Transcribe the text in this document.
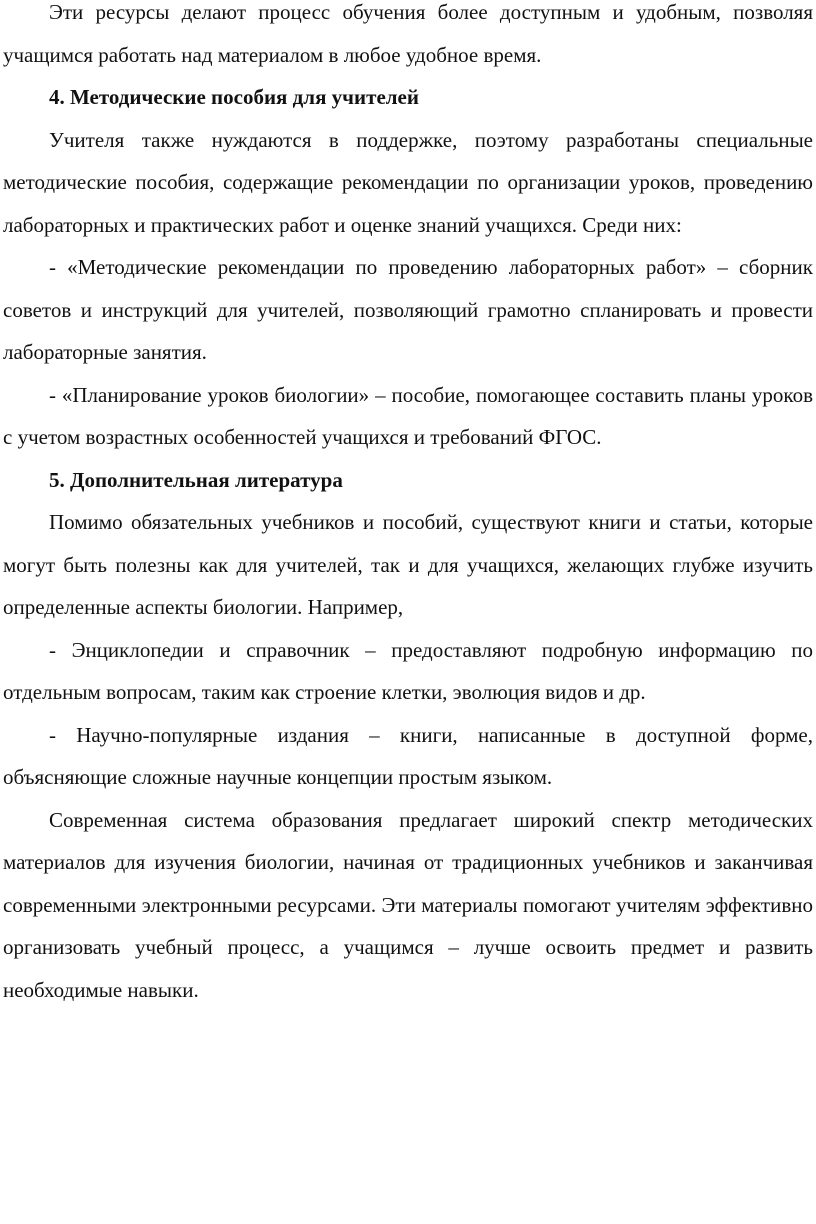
Эти ресурсы делают процесс обучения более доступным и удобным, позволяя учащимся работать над материалом в любое удобное время.

4. Методические пособия для учителей

Учителя также нуждаются в поддержке, поэтому разработаны специальные методические пособия, содержащие рекомендации по организации уроков, проведению лабораторных и практических работ и оценке знаний учащихся. Среди них:

- «Методические рекомендации по проведению лабораторных работ» – сборник советов и инструкций для учителей, позволяющий грамотно спланировать и провести лабораторные занятия.

- «Планирование уроков биологии» – пособие, помогающее составить планы уроков с учетом возрастных особенностей учащихся и требований ФГОС.

5. Дополнительная литература

Помимо обязательных учебников и пособий, существуют книги и статьи, которые могут быть полезны как для учителей, так и для учащихся, желающих глубже изучить определенные аспекты биологии. Например,

- Энциклопедии и справочник – предоставляют подробную информацию по отдельным вопросам, таким как строение клетки, эволюция видов и др.

- Научно-популярные издания – книги, написанные в доступной форме, объясняющие сложные научные концепции простым языком.

Современная система образования предлагает широкий спектр методических материалов для изучения биологии, начиная от традиционных учебников и заканчивая современными электронными ресурсами. Эти материалы помогают учителям эффективно организовать учебный процесс, а учащимся – лучше освоить предмет и развить необходимые навыки.
